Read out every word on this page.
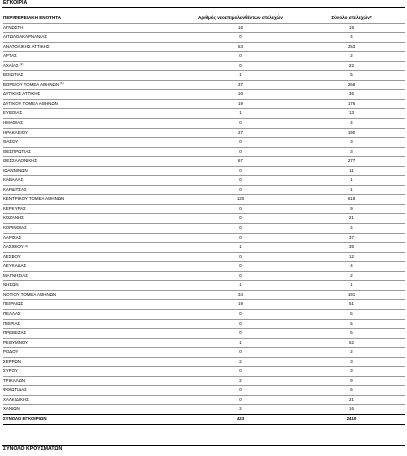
ΕΓΚΟΙΡΙΑ
ΠΕΡΙΦΕΡΕΙΑΚΗ ΕΝΟΤΗΤΑ	Αριθμός νεοεπιμολυνθέντων στελεχών	Σύνολο στελεχών*
ΑΓΝΩΣΤΗ	16	19
ΑΙΤΩΛΟΑΚΑΡΝΑΝΙΑΣ	0	4
ΑΝΑΤΟΛΙΚΗΣ ΑΤΤΙΚΗΣ	63	253
ΑΡΤΑΣ	0	2
ΑΧΑΪΑΣ$^{(1)}$	0	22
ΒΟΙΩΤΙΑΣ	1	5
ΒΟΡΕΙΟΥ ΤΟΜΕΑ ΑΘΗΝΩΝ$^{(1)}$	37	268
ΔΥΤΙΚΗΣ ΑΤΤΙΚΗΣ	10	35
ΔΥΤΙΚΟΥ ΤΟΜΕΑ ΑΘΗΝΩΝ	19	176
ΕΥΒΟΙΑΣ	1	13
ΗΜΑΘΙΑΣ	0	4
ΗΡΑΚΛΕΙΟΥ	27	190
ΘΑΣΟΥ	0	3
ΘΕΣΠΡΩΤΙΑΣ	0	3
ΘΕΣΣΑΛΟΝΙΚΗΣ	67	277
ΙΩΑΝΝΙΝΩΝ	0	11
ΚΑΒΑΛΑΣ	0	1
ΚΑΡΔΙΤΣΑΣ	0	1
ΚΕΝΤΡΙΚΟΥ ΤΟΜΕΑ ΑΘΗΝΩΝ	120	618
ΚΕΡΚΥΡΑΣ	0	9
ΚΟΖΑΝΗΣ	0	21
ΚΟΡΙΝΘΙΑΣ	0	4
ΛΑΡΙΣΑΣ	0	37
ΛΑΣΙΘΙΟΥ$^{(1)}$	1	35
ΛΕΣΒΟΥ	0	12
ΛΕΥΚΑΔΑΣ	0	4
ΜΑΓΝΗΣΙΑΣ	0	2
ΝΗΣΩΝ	1	1
ΝΟΤΙΟΥ ΤΟΜΕΑ ΑΘΗΝΩΝ	34	191
ΠΕΙΡΑΙΩΣ	19	51
ΠΕΛΛΑΣ	0	5
ΠΙΕΡΙΑΣ	0	5
ΠΡΕΒΕΖΑΣ	0	5
ΡΕΘΥΜΝΟΥ	1	62
ΡΟΔΟΥ	0	2
ΣΕΡΡΩΝ	2	3
ΣΥΡΟΥ	0	3
ΤΡΙΚΑΛΩΝ	2	9
ΦΘΙΩΤΙΔΑΣ	0	6
ΧΑΛΚΙΔΙΚΗΣ	0	21
ΧΑΝΙΩΝ	2	16
ΣΥΝΟΛΟ ΕΓΚΟΙΡΙΩΝ	423	2410
ΣΥΝΟΛΟ ΚΡΟΥΣΜΑΤΩΝ
